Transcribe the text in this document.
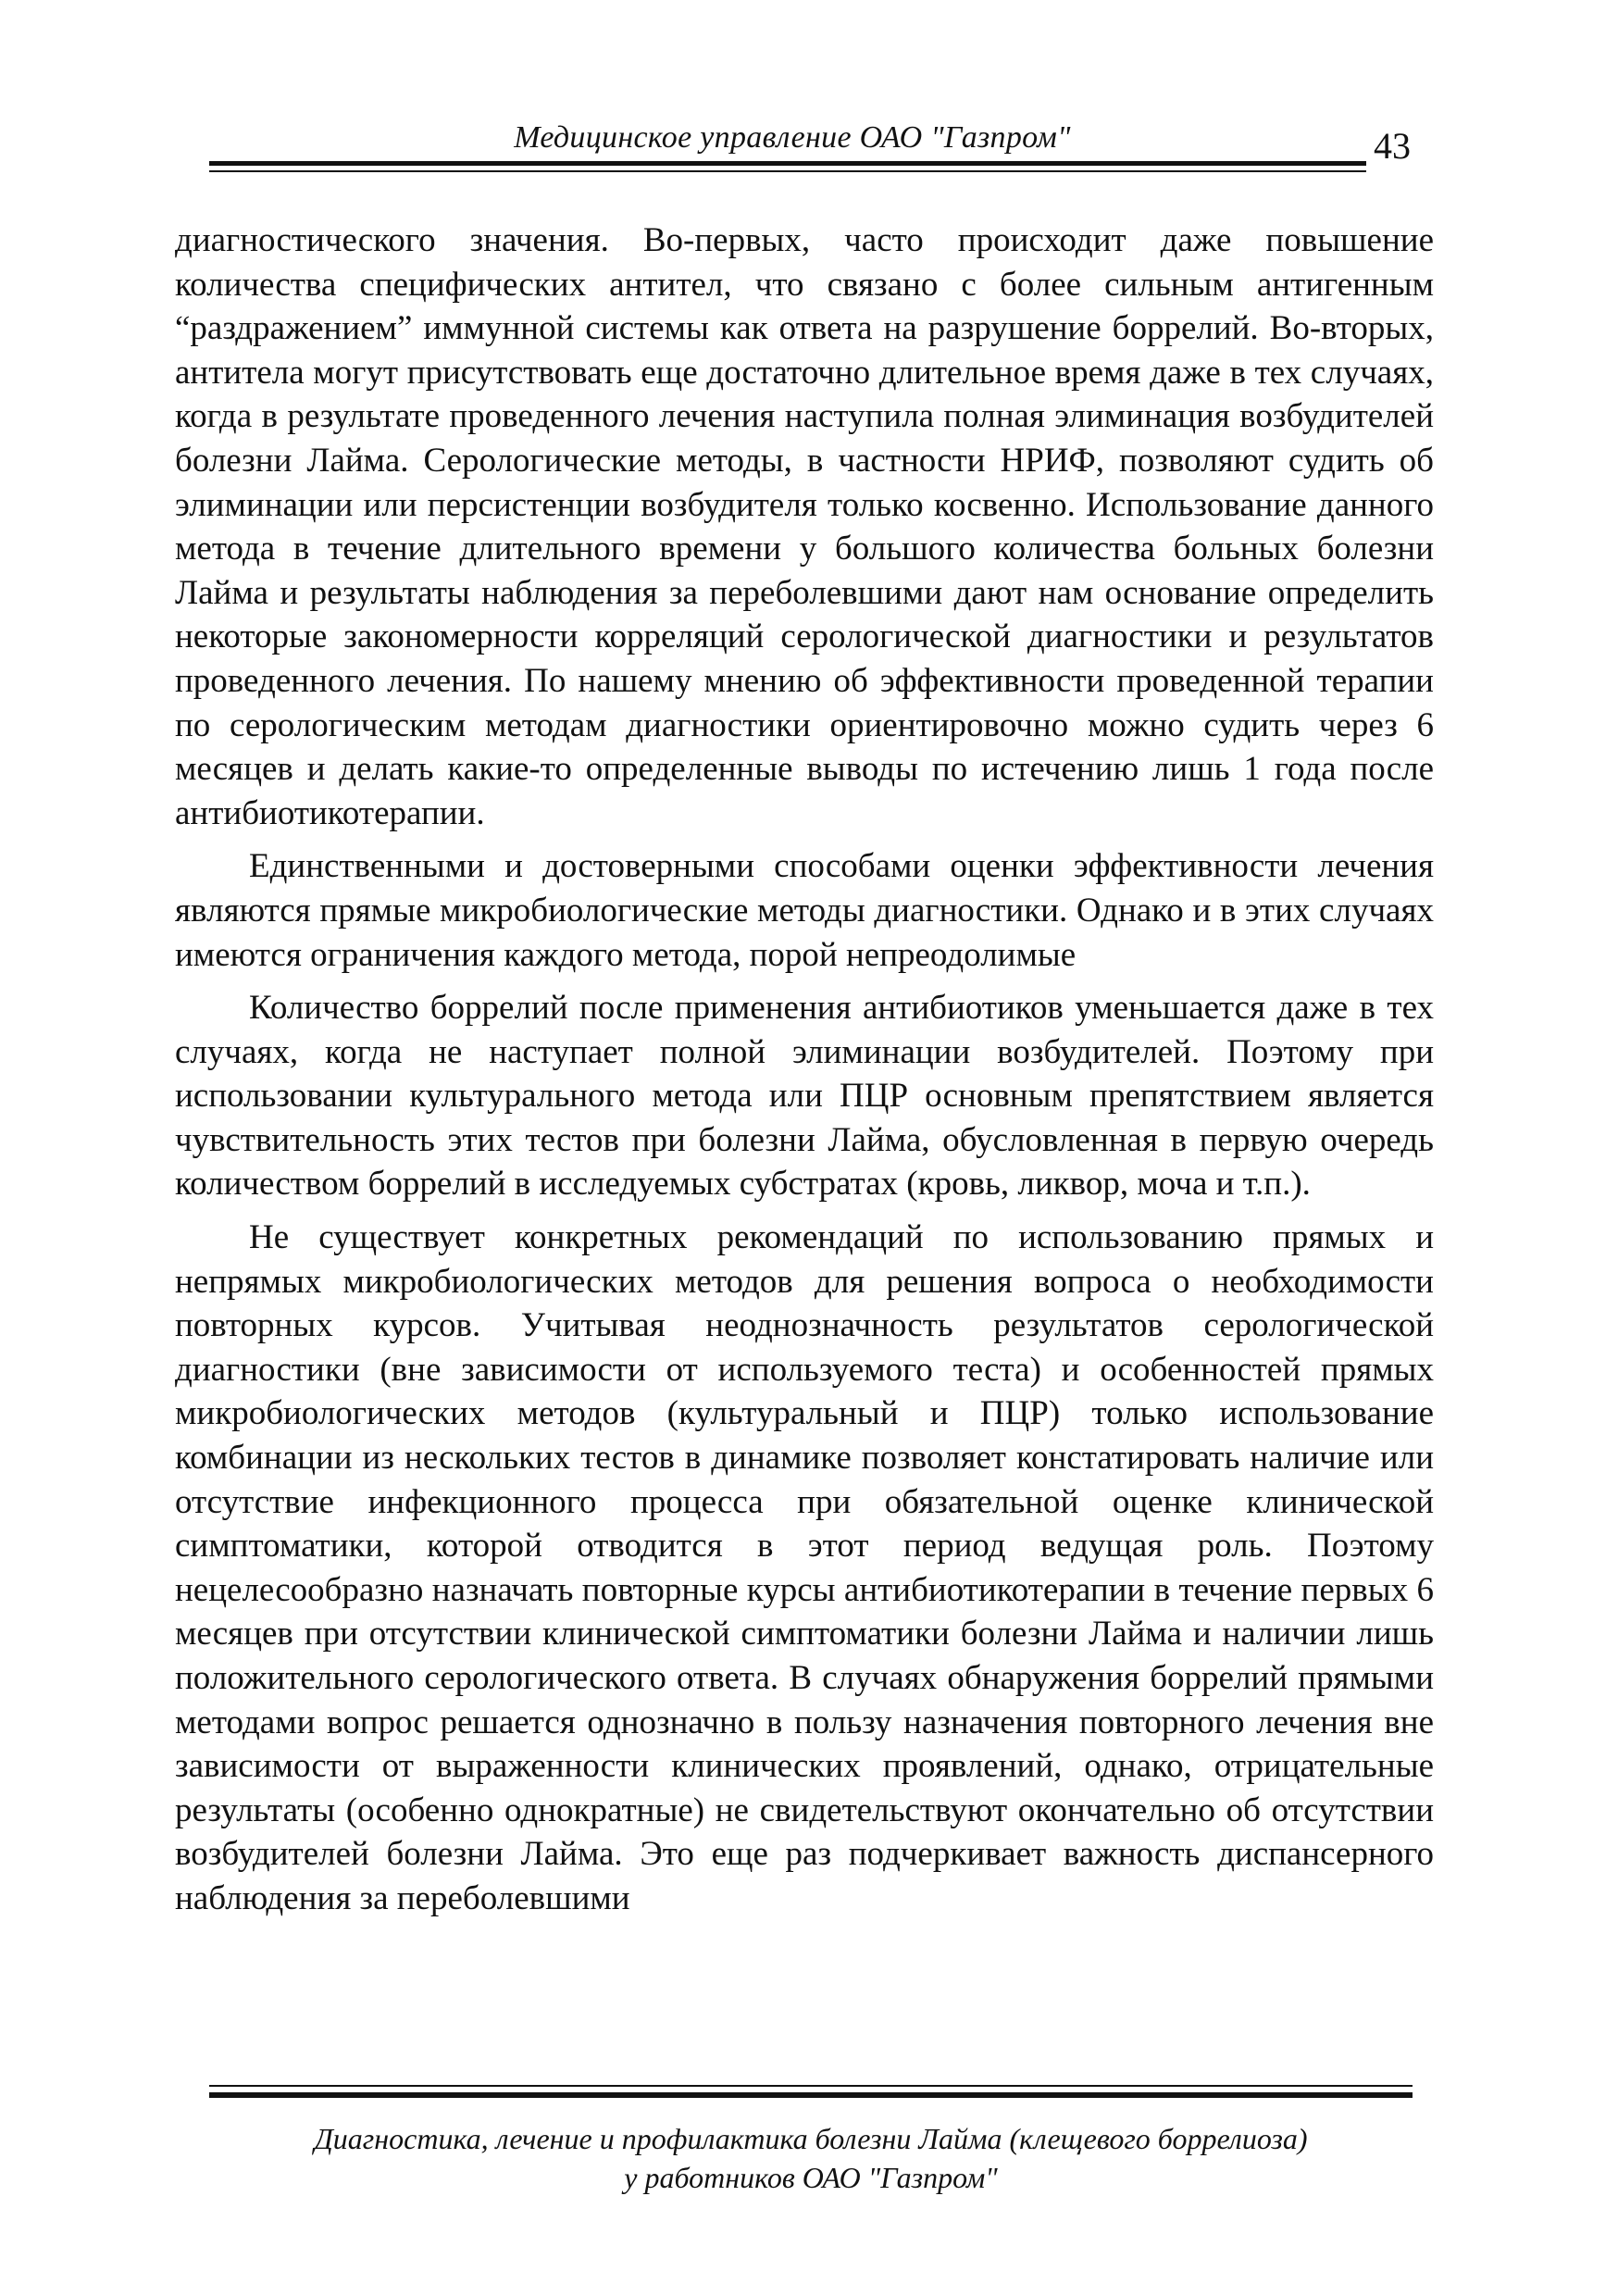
Медицинское управление ОАО "Газпром"	43

диагностического значения. Во-первых, часто происходит даже повышение количества специфических антител, что связано с более сильным антигенным “раздражением” иммунной системы как ответа на разрушение боррелий. Во-вторых, антитела могут присутствовать еще достаточно длительное время даже в тех случаях, когда в результате проведенного лечения наступила полная элиминация возбудителей болезни Лайма. Серологические методы, в частности НРИФ, позволяют судить об элиминации или персистенции возбудителя только косвенно. Использование данного метода в течение длительного времени у большого количества больных болезни Лайма и результаты наблюдения за переболевшими дают нам основание определить некоторые закономерности корреляций серологической диагностики и результатов проведенного лечения. По нашему мнению об эффективности проведенной терапии по серологическим методам диагностики ориентировочно можно судить через 6 месяцев и делать какие-то определенные выводы по истечению лишь 1 года после антибиотикотерапии.

Единственными и достоверными способами оценки эффективности лечения являются прямые микробиологические методы диагностики. Однако и в этих случаях имеются ограничения каждого метода, порой непреодолимые

Количество боррелий после применения антибиотиков уменьшается даже в тех случаях, когда не наступает полной элиминации возбудителей. Поэтому при использовании культурального метода или ПЦР основным препятствием является чувствительность этих тестов при болезни Лайма, обусловленная в первую очередь количеством боррелий в исследуемых субстратах (кровь, ликвор, моча и т.п.).

Не существует конкретных рекомендаций по использованию прямых и непрямых микробиологических методов для решения вопроса о необходимости повторных курсов. Учитывая неоднозначность результатов серологической диагностики (вне зависимости от используемого теста) и особенностей прямых микробиологических методов (культуральный и ПЦР) только использование комбинации из нескольких тестов в динамике позволяет констатировать наличие или отсутствие инфекционного процесса при обязательной оценке клинической симптоматики, которой отводится в этот период ведущая роль. Поэтому нецелесообразно назначать повторные курсы антибиотикотерапии в течение первых 6 месяцев при отсутствии клинической симптоматики болезни Лайма и наличии лишь положительного серологического ответа. В случаях обнаружения боррелий прямыми методами вопрос решается однозначно в пользу назначения повторного лечения вне зависимости от выраженности клинических проявлений, однако, отрицательные результаты (особенно однократные) не свидетельствуют окончательно об отсутствии возбудителей болезни Лайма. Это еще раз подчеркивает важность диспансерного наблюдения за переболевшими

Диагностика, лечение и профилактика болезни Лайма (клещевого боррелиоза)
у работников ОАО "Газпром"
